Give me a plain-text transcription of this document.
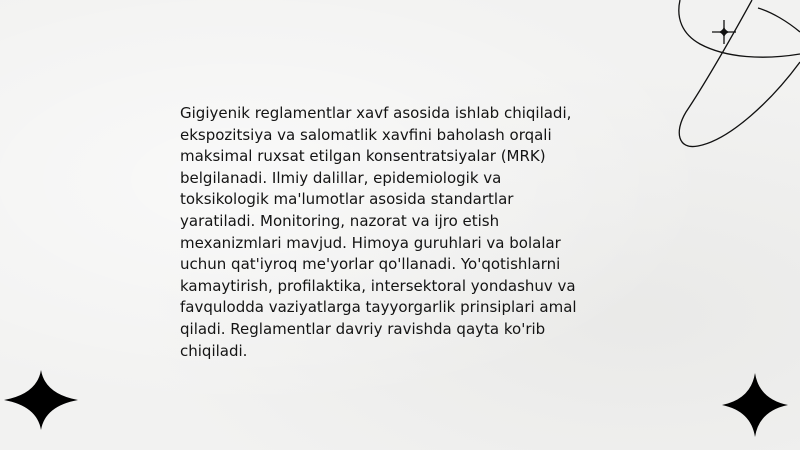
Gigiyenik reglamentlar xavf asosida ishlab chiqiladi,
ekspozitsiya va salomatlik xavfini baholash orqali
maksimal ruxsat etilgan konsentratsiyalar (MRK)
belgilanadi. Ilmiy dalillar, epidemiologik va
toksikologik ma'lumotlar asosida standartlar
yaratiladi. Monitoring, nazorat va ijro etish
mexanizmlari mavjud. Himoya guruhlari va bolalar
uchun qat'iyroq me'yorlar qo'llanadi. Yo'qotishlarni
kamaytirish, profilaktika, intersektoral yondashuv va
favqulodda vaziyatlarga tayyorgarlik prinsiplari amal
qiladi. Reglamentlar davriy ravishda qayta ko'rib
chiqiladi.
